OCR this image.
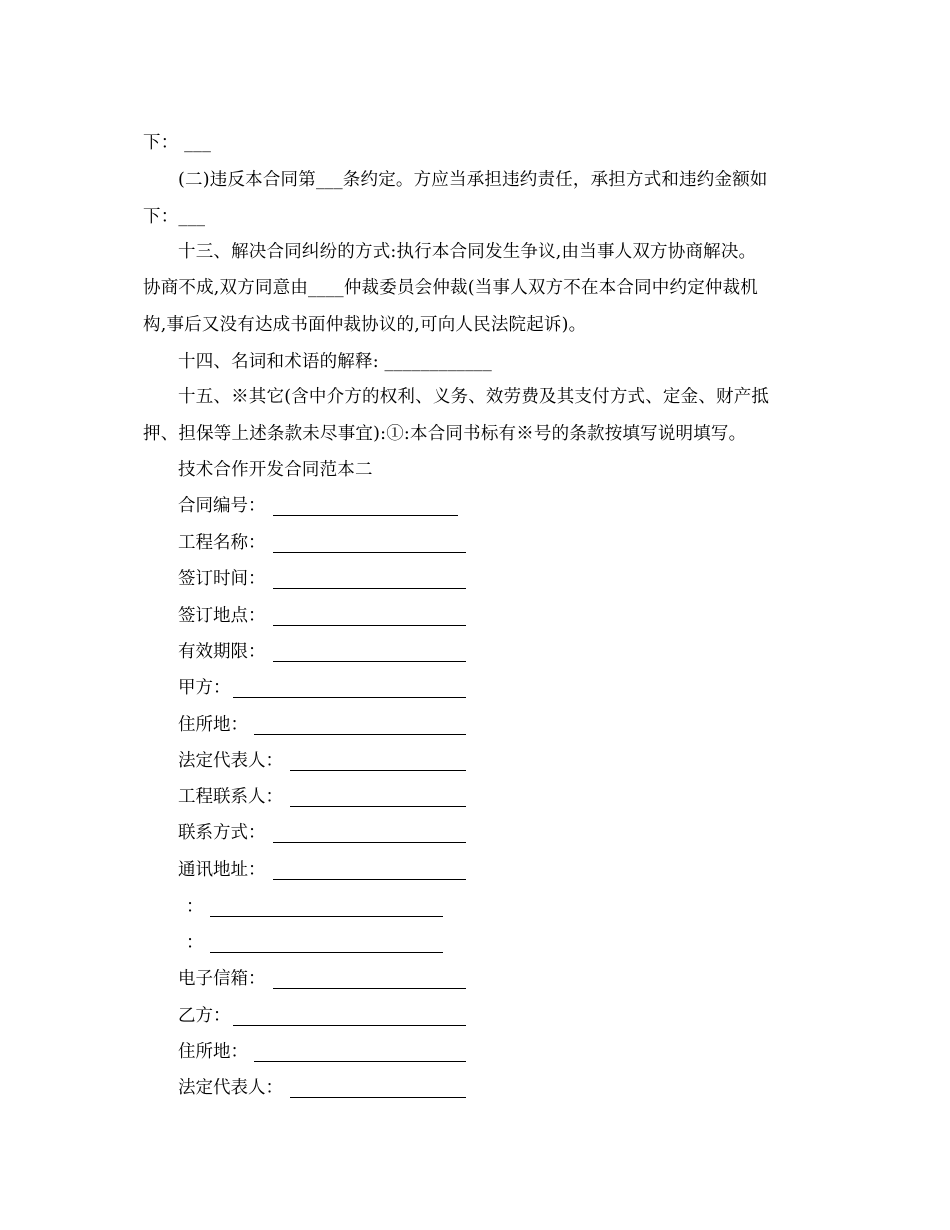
下： ___
(二)违反本合同第___条约定。方应当承担违约责任，承担方式和违约金额如
下：___
十三、解决合同纠纷的方式:执行本合同发生争议,由当事人双方协商解决。
协商不成,双方同意由____仲裁委员会仲裁(当事人双方不在本合同中约定仲裁机
构,事后又没有达成书面仲裁协议的,可向人民法院起诉)。
十四、名词和术语的解释: ____________
十五、※其它(含中介方的权利、义务、效劳费及其支付方式、定金、财产抵
押、担保等上述条款未尽事宜):①:本合同书标有※号的条款按填写说明填写。
技术合作开发合同范本二

合同编号：

工程名称：

签订时间：

签订地点：

有效期限：

甲方：

住所地：

法定代表人：

工程联系人：

联系方式：

通讯地址：

：

：

电子信箱：

乙方：

住所地：

法定代表人：
